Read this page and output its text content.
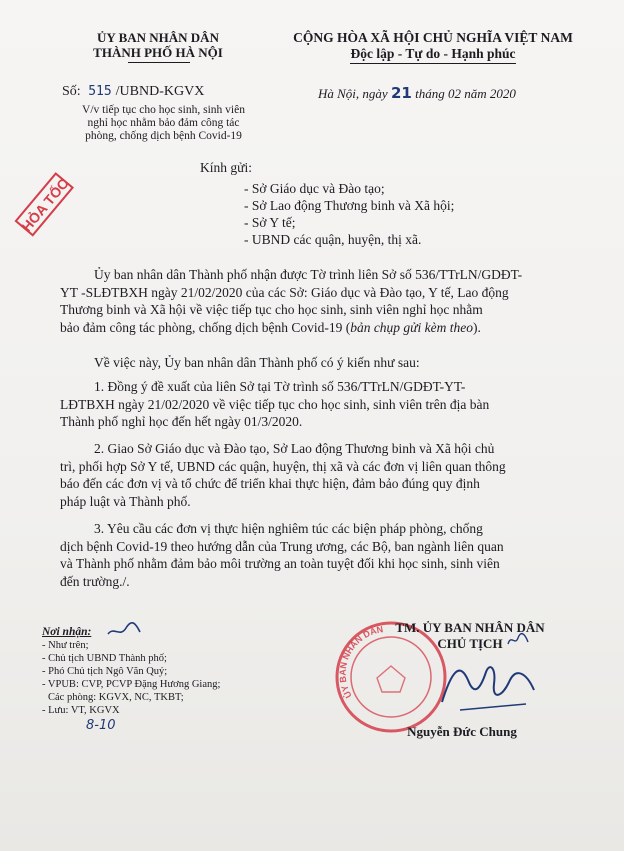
ỦY BAN NHÂN DÂN
THÀNH PHỐ HÀ NỘI
CỘNG HÒA XÃ HỘI CHỦ NGHĨA VIỆT NAM
Độc lập - Tự do - Hạnh phúc
Số: 515 /UBND-KGVX
V/v tiếp tục cho học sinh, sinh viên
nghỉ học nhằm bảo đảm công tác
phòng, chống dịch bệnh Covid-19
Hà Nội, ngày 21 tháng 02 năm 2020
HỎA TỐC
Kính gửi:
- Sở Giáo dục và Đào tạo;
- Sở Lao động Thương binh và Xã hội;
- Sở Y tế;
- UBND các quận, huyện, thị xã.
Ủy ban nhân dân Thành phố nhận được Tờ trình liên Sở số 536/TTrLN/GDĐT-
YT -SLĐTBXH ngày 21/02/2020 của các Sở: Giáo dục và Đào tạo, Y tế, Lao động
Thương binh và Xã hội về việc tiếp tục cho học sinh, sinh viên nghỉ học nhằm
bảo đảm công tác phòng, chống dịch bệnh Covid-19 (bản chụp gửi kèm theo).
Về việc này, Ủy ban nhân dân Thành phố có ý kiến như sau:
1. Đồng ý đề xuất của liên Sở tại Tờ trình số 536/TTrLN/GDĐT-YT-
LĐTBXH ngày 21/02/2020 về việc tiếp tục cho học sinh, sinh viên trên địa bàn
Thành phố nghỉ học đến hết ngày 01/3/2020.
2. Giao Sở Giáo dục và Đào tạo, Sở Lao động Thương binh và Xã hội chủ
trì, phối hợp Sở Y tế, UBND các quận, huyện, thị xã và các đơn vị liên quan thông
báo đến các đơn vị và tổ chức để triển khai thực hiện, đảm bảo đúng quy định
pháp luật và Thành phố.
3. Yêu cầu các đơn vị thực hiện nghiêm túc các biện pháp phòng, chống
dịch bệnh Covid-19 theo hướng dẫn của Trung ương, các Bộ, ban ngành liên quan
và Thành phố nhằm đảm bảo môi trường an toàn tuyệt đối khi học sinh, sinh viên
đến trường./.
Nơi nhận:
- Như trên;
- Chủ tịch UBND Thành phố;
- Phó Chủ tịch Ngô Văn Quý;
- VPUB: CVP, PCVP Đặng Hương Giang;
Các phòng: KGVX, NC, TKBT;
- Lưu: VT, KGVX
8-10
ỦY BAN NHÂN DÂN TM. ỦY BAN NHÂN DÂN
CHỦ TỊCH
Nguyễn Đức Chung
